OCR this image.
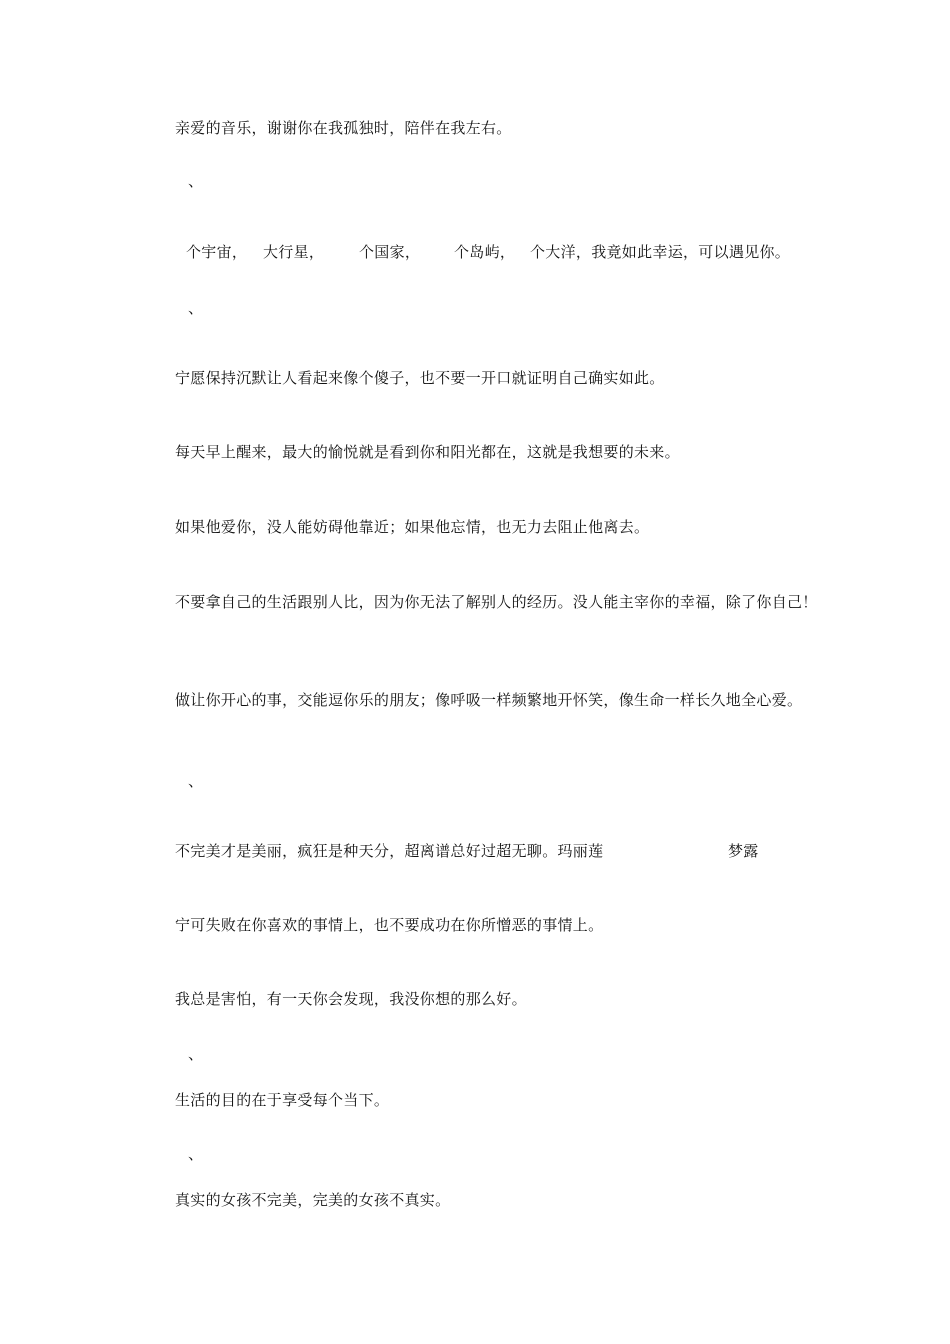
亲爱的音乐，谢谢你在我孤独时，陪伴在我左右。
、
个宇宙， 大行星， 个国家， 个岛屿， 个大洋，我竟如此幸运，可以遇见你。
、
宁愿保持沉默让人看起来像个傻子，也不要一开口就证明自己确实如此。
每天早上醒来，最大的愉悦就是看到你和阳光都在，这就是我想要的未来。
如果他爱你，没人能妨碍他靠近；如果他忘情，也无力去阻止他离去。
不要拿自己的生活跟别人比，因为你无法了解别人的经历。没人能主宰你的幸福，除了你自己！
做让你开心的事，交能逗你乐的朋友；像呼吸一样频繁地开怀笑，像生命一样长久地全心爱。
、
不完美才是美丽，疯狂是种天分，超离谱总好过超无聊。玛丽莲	梦露
宁可失败在你喜欢的事情上，也不要成功在你所憎恶的事情上。
我总是害怕，有一天你会发现，我没你想的那么好。
、
生活的目的在于享受每个当下。
、
真实的女孩不完美，完美的女孩不真实。
